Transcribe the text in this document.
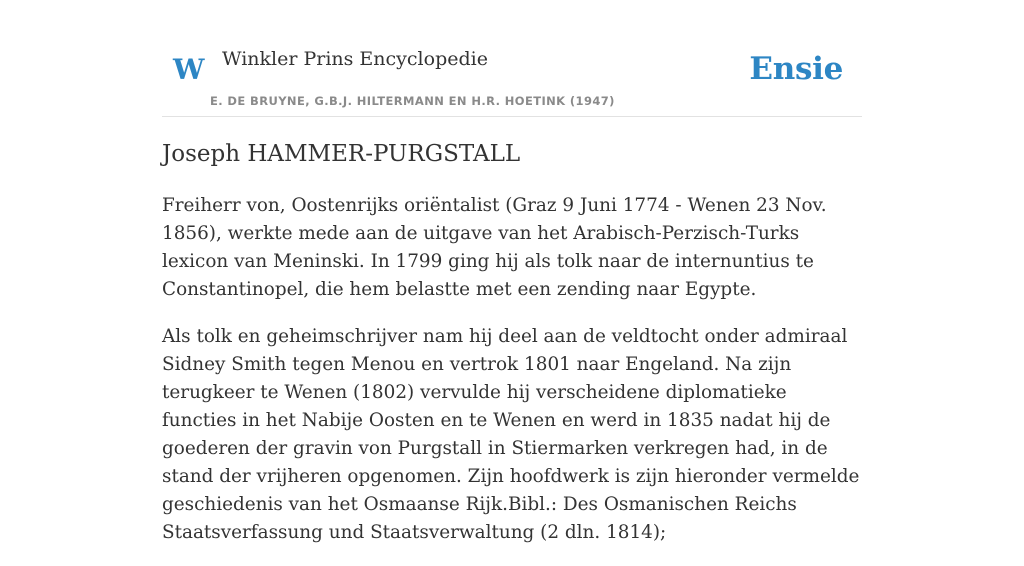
W Winkler Prins Encyclopedie
E. DE BRUYNE, G.B.J. HILTERMANN EN H.R. HOETINK (1947)
Ensie
Joseph HAMMER-PURGSTALL

Freiherr von, Oostenrijks oriëntalist (Graz 9 Juni 1774 - Wenen 23 Nov. 1856), werkte mede aan de uitgave van het Arabisch-Perzisch-Turks lexicon van Meninski. In 1799 ging hij als tolk naar de internuntius te Constantinopel, die hem belastte met een zending naar Egypte.

Als tolk en geheimschrijver nam hij deel aan de veldtocht onder admiraal Sidney Smith tegen Menou en vertrok 1801 naar Engeland. Na zijn terugkeer te Wenen (1802) vervulde hij verscheidene diplomatieke functies in het Nabije Oosten en te Wenen en werd in 1835 nadat hij de goederen der gravin von Purgstall in Stiermarken verkregen had, in de stand der vrijheren opgenomen. Zijn hoofdwerk is zijn hieronder vermelde geschiedenis van het Osmaanse Rijk.Bibl.: Des Osmanischen Reichs Staatsverfassung und Staatsverwaltung (2 dln. 1814);
